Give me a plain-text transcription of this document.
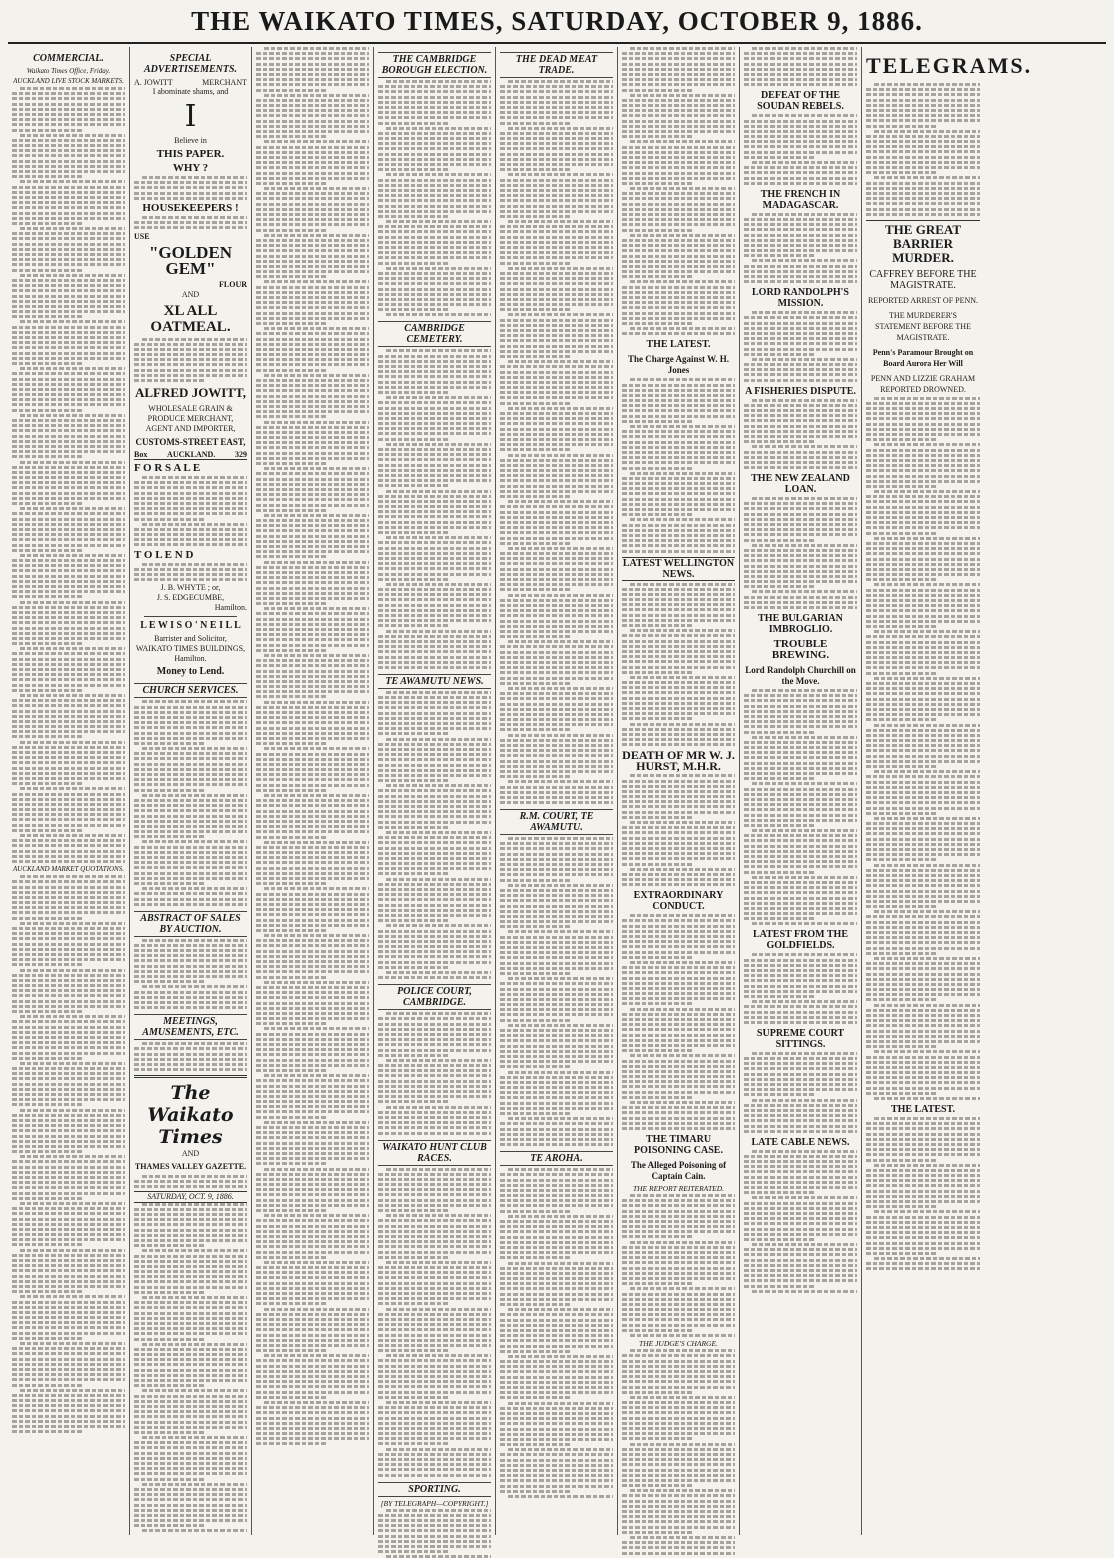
THE WAIKATO TIMES, SATURDAY, OCTOBER 9, 1886.
COMMERCIAL.
Waikato Times Office, Friday.
AUCKLAND LIVE STOCK MARKETS.
AUCKLAND MARKET QUOTATIONS.
SPECIAL ADVERTISEMENTS.
A. JOWITT	MERCHANT
I abominate shams, and
I
Believe in
THIS PAPER.
WHY ?
HOUSEKEEPERS !
USE
"GOLDEN GEM"
FLOUR
AND
XL ALL OATMEAL.
ALFRED JOWITT,
WHOLESALE GRAIN & PRODUCE MERCHANT,
AGENT AND IMPORTER,
CUSTOMS-STREET EAST,
Box AUCKLAND. 329
F O R S A L E
T O L E N D
J. B. WHYTE ; or,
J. S. EDGECUMBE,
Hamilton.
L E W I S O ' N E I L L
Barrister and Solicitor,
WAIKATO TIMES BUILDINGS,
Hamilton.
Money to Lend.
CHURCH SERVICES.
ABSTRACT OF SALES BY AUCTION.
MEETINGS, AMUSEMENTS, ETC.
The Waikato Times
AND
THAMES VALLEY GAZETTE.
SATURDAY, OCT. 9, 1886.
THE CAMBRIDGE BOROUGH ELECTION.
CAMBRIDGE CEMETERY.
TE AWAMUTU NEWS.
POLICE COURT, CAMBRIDGE.
WAIKATO HUNT CLUB RACES.
SPORTING.
[BY TELEGRAPH—COPYRIGHT.]
THE DEAD MEAT TRADE.
R.M. COURT, TE AWAMUTU.
TE AROHA.
THE LATEST.
The Charge Against W. H. Jones
LATEST WELLINGTON NEWS.
DEATH OF MR W. J. HURST, M.H.R.
EXTRAORDINARY CONDUCT.
THE TIMARU POISONING CASE.
The Alleged Poisoning of Captain Cain.
THE REPORT REITERATED.
THE JUDGE'S CHARGE.
DEFEAT OF THE SOUDAN REBELS.
THE FRENCH IN MADAGASCAR.
LORD RANDOLPH'S MISSION.
A FISHERIES DISPUTE.
THE NEW ZEALAND LOAN.
THE BULGARIAN IMBROGLIO.
TROUBLE BREWING.
Lord Randolph Churchill on the Move.
LATEST FROM THE GOLDFIELDS.
SUPREME COURT SITTINGS.
LATE CABLE NEWS.
TELEGRAMS.
THE GREAT BARRIER MURDER.
CAFFREY BEFORE THE MAGISTRATE.
REPORTED ARREST OF PENN.
THE MURDERER'S STATEMENT BEFORE THE MAGISTRATE.
Penn's Paramour Brought on Board Aurora Her Will
PENN AND LIZZIE GRAHAM REPORTED DROWNED.
THE LATEST.
